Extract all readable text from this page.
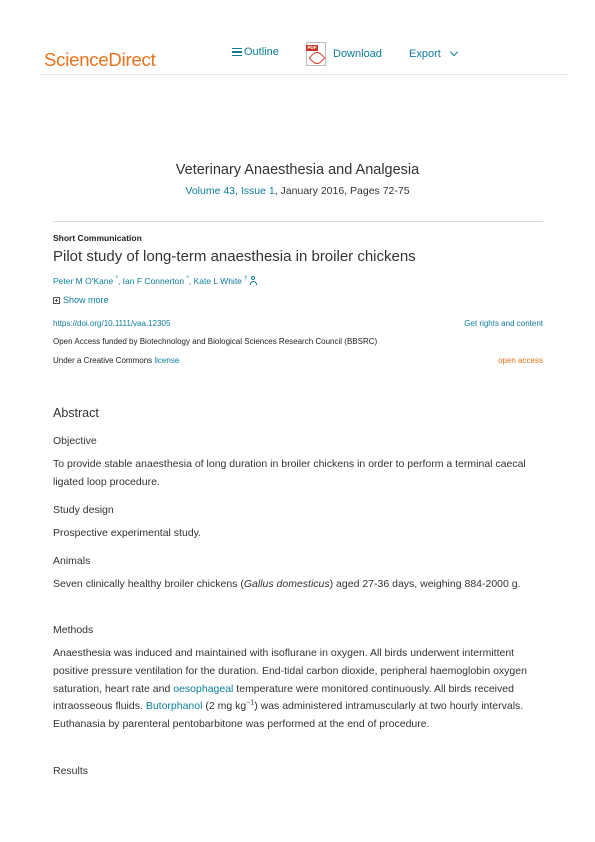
ScienceDirect	Outline	PDF
Download Export
Veterinary Anaesthesia and Analgesia
Volume 43, Issue 1, January 2016, Pages 72-75
Short Communication
Pilot study of long-term anaesthesia in broiler chickens
Peter M O'Kane *, Ian F Connerton *, Kate L White †
Show more
https://doi.org/10.1111/vaa.12305	Get rights and content
Open Access funded by Biotechnology and Biological Sciences Research Council (BBSRC)
Under a Creative Commons license	open access
Abstract
Objective
To provide stable anaesthesia of long duration in broiler chickens in order to perform a terminal caecal ligated loop procedure.
Study design
Prospective experimental study.
Animals
Seven clinically healthy broiler chickens (Gallus domesticus) aged 27-36 days, weighing 884-2000 g.
Methods
Anaesthesia was induced and maintained with isoflurane in oxygen. All birds underwent intermittent positive pressure ventilation for the duration. End-tidal carbon dioxide, peripheral haemoglobin oxygen saturation, heart rate and oesophageal temperature were monitored continuously. All birds received intraosseous fluids. Butorphanol (2 mg $kg^{-1}$) was administered intramuscularly at two hourly intervals. Euthanasia by parenteral pentobarbitone was performed at the end of procedure.
Results
